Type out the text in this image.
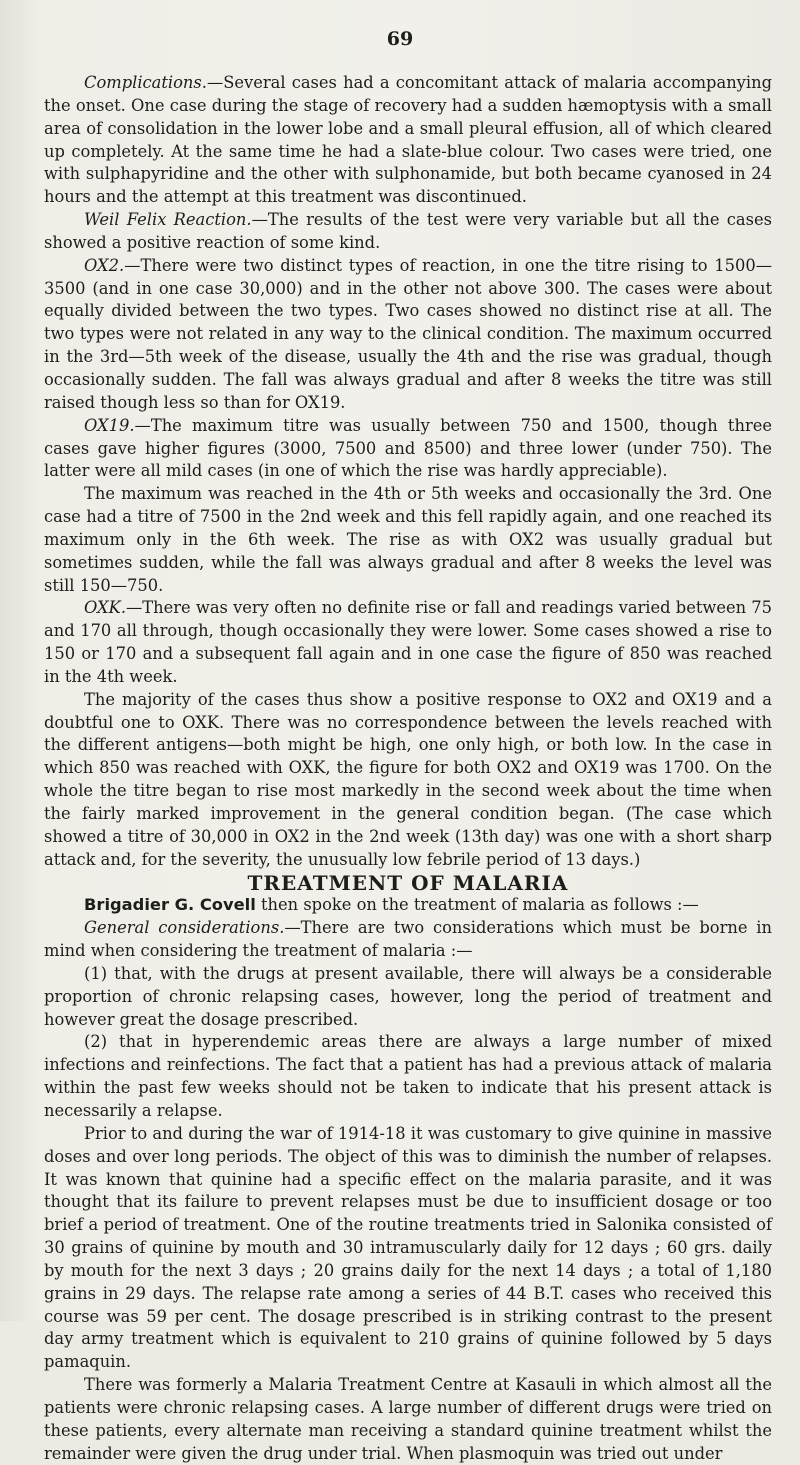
69

Complications.—Several cases had a concomitant attack of malaria accompanying the onset. One case during the stage of recovery had a sudden hæmoptysis with a small area of consolidation in the lower lobe and a small pleural effusion, all of which cleared up completely. At the same time he had a slate-blue colour. Two cases were tried, one with sulphapyridine and the other with sulphonamide, but both became cyanosed in 24 hours and the attempt at this treatment was discontinued.

Weil Felix Reaction.—The results of the test were very variable but all the cases showed a positive reaction of some kind.

OX2.—There were two distinct types of reaction, in one the titre rising to 1500—3500 (and in one case 30,000) and in the other not above 300. The cases were about equally divided between the two types. Two cases showed no distinct rise at all. The two types were not related in any way to the clinical condition. The maximum occurred in the 3rd—5th week of the disease, usually the 4th and the rise was gradual, though occasionally sudden. The fall was always gradual and after 8 weeks the titre was still raised though less so than for OX19.

OX19.—The maximum titre was usually between 750 and 1500, though three cases gave higher figures (3000, 7500 and 8500) and three lower (under 750). The latter were all mild cases (in one of which the rise was hardly appreciable).

The maximum was reached in the 4th or 5th weeks and occasionally the 3rd. One case had a titre of 7500 in the 2nd week and this fell rapidly again, and one reached its maximum only in the 6th week. The rise as with OX2 was usually gradual but sometimes sudden, while the fall was always gradual and after 8 weeks the level was still 150—750.

OXK.—There was very often no definite rise or fall and readings varied between 75 and 170 all through, though occasionally they were lower. Some cases showed a rise to 150 or 170 and a subsequent fall again and in one case the figure of 850 was reached in the 4th week.

The majority of the cases thus show a positive response to OX2 and OX19 and a doubtful one to OXK. There was no correspondence between the levels reached with the different antigens—both might be high, one only high, or both low. In the case in which 850 was reached with OXK, the figure for both OX2 and OX19 was 1700. On the whole the titre began to rise most markedly in the second week about the time when the fairly marked improvement in the general condition began. (The case which showed a titre of 30,000 in OX2 in the 2nd week (13th day) was one with a short sharp attack and, for the severity, the unusually low febrile period of 13 days.)

TREATMENT OF MALARIA

Brigadier G. Covell then spoke on the treatment of malaria as follows :—

General considerations.—There are two considerations which must be borne in mind when considering the treatment of malaria :—

(1) that, with the drugs at present available, there will always be a considerable proportion of chronic relapsing cases, however, long the period of treatment and however great the dosage prescribed.

(2) that in hyperendemic areas there are always a large number of mixed infections and reinfections. The fact that a patient has had a previous attack of malaria within the past few weeks should not be taken to indicate that his present attack is necessarily a relapse.

Prior to and during the war of 1914-18 it was customary to give quinine in massive doses and over long periods. The object of this was to diminish the number of relapses. It was known that quinine had a specific effect on the malaria parasite, and it was thought that its failure to prevent relapses must be due to insufficient dosage or too brief a period of treatment. One of the routine treatments tried in Salonika consisted of 30 grains of quinine by mouth and 30 intramuscularly daily for 12 days ; 60 grs. daily by mouth for the next 3 days ; 20 grains daily for the next 14 days ; a total of 1,180 grains in 29 days. The relapse rate among a series of 44 B.T. cases who received this course was 59 per cent. The dosage prescribed is in striking contrast to the present day army treatment which is equivalent to 210 grains of quinine followed by 5 days pamaquin.

There was formerly a Malaria Treatment Centre at Kasauli in which almost all the patients were chronic relapsing cases. A large number of different drugs were tried on these patients, every alternate man receiving a standard quinine treatment whilst the remainder were given the drug under trial. When plasmoquin was tried out under
